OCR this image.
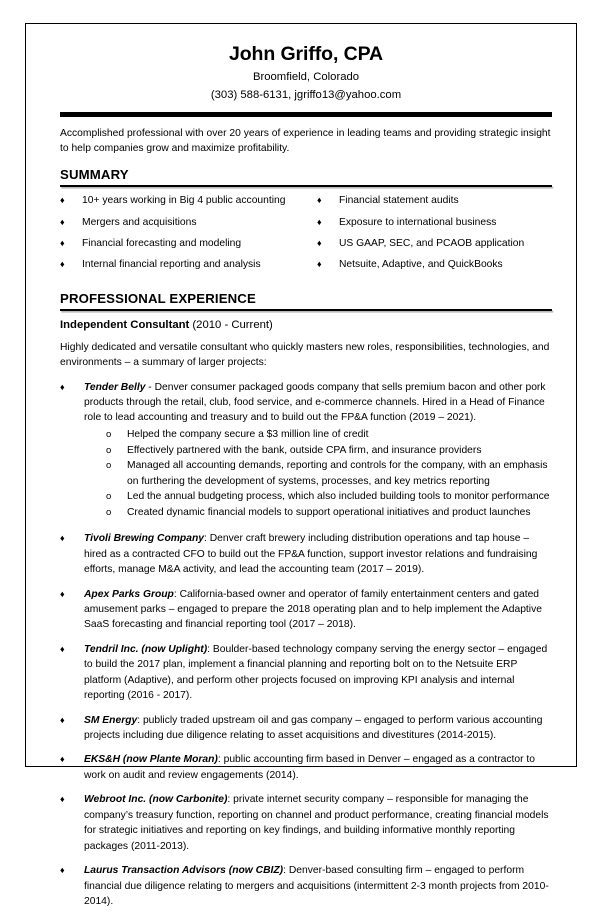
John Griffo, CPA
Broomfield, Colorado
(303) 588-6131, jgriffo13@yahoo.com

Accomplished professional with over 20 years of experience in leading teams and providing strategic insight to help companies grow and maximize profitability.

SUMMARY
♦	10+ years working in Big 4 public accounting
♦	Mergers and acquisitions
♦	Financial forecasting and modeling
♦	Internal financial reporting and analysis
♦	Financial statement audits
♦	Exposure to international business
♦	US GAAP, SEC, and PCAOB application
♦	Netsuite, Adaptive, and QuickBooks
PROFESSIONAL EXPERIENCE
Independent Consultant (2010 - Current)

Highly dedicated and versatile consultant who quickly masters new roles, responsibilities, technologies, and environments – a summary of larger projects:

♦	Tender Belly - Denver consumer packaged goods company that sells premium bacon and other pork products through the retail, club, food service, and e-commerce channels. Hired in a Head of Finance role to lead accounting and treasury and to build out the FP&A function (2019 – 2021).
o	Helped the company secure a $3 million line of credit
o	Effectively partnered with the bank, outside CPA firm, and insurance providers
o	Managed all accounting demands, reporting and controls for the company, with an emphasis on furthering the development of systems, processes, and key metrics reporting
o	Led the annual budgeting process, which also included building tools to monitor performance
o	Created dynamic financial models to support operational initiatives and product launches
♦	Tivoli Brewing Company: Denver craft brewery including distribution operations and tap house – hired as a contracted CFO to build out the FP&A function, support investor relations and fundraising efforts, manage M&A activity, and lead the accounting team (2017 – 2019).
♦	Apex Parks Group: California-based owner and operator of family entertainment centers and gated amusement parks – engaged to prepare the 2018 operating plan and to help implement the Adaptive SaaS forecasting and financial reporting tool (2017 – 2018).
♦	Tendril Inc. (now Uplight): Boulder-based technology company serving the energy sector – engaged to build the 2017 plan, implement a financial planning and reporting bolt on to the Netsuite ERP platform (Adaptive), and perform other projects focused on improving KPI analysis and internal reporting (2016 - 2017).
♦	SM Energy: publicly traded upstream oil and gas company – engaged to perform various accounting projects including due diligence relating to asset acquisitions and divestitures (2014-2015).
♦	EKS&H (now Plante Moran): public accounting firm based in Denver – engaged as a contractor to work on audit and review engagements (2014).
♦	Webroot Inc. (now Carbonite): private internet security company – responsible for managing the company’s treasury function, reporting on channel and product performance, creating financial models for strategic initiatives and reporting on key findings, and building informative monthly reporting packages (2011-2013).
♦	Laurus Transaction Advisors (now CBIZ): Denver-based consulting firm – engaged to perform financial due diligence relating to mergers and acquisitions (intermittent 2-3 month projects from 2010-2014).
